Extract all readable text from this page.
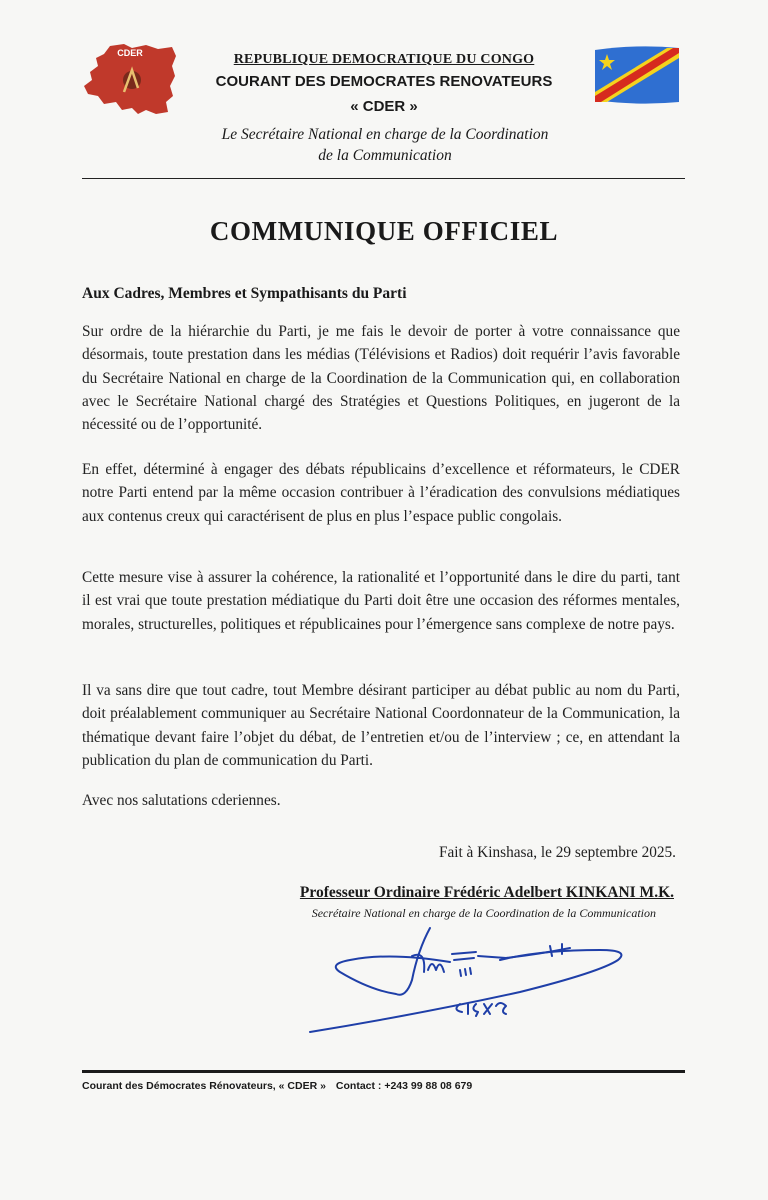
CDER	REPUBLIQUE DEMOCRATIQUE DU CONGO
COURANT DES DEMOCRATES RENOVATEURS
« CDER »
Le Secrétaire National en charge de la Coordination
de la Communication
COMMUNIQUE OFFICIEL
Aux Cadres, Membres et Sympathisants du Parti
Sur ordre de la hiérarchie du Parti, je me fais le devoir de porter à votre connaissance que désormais, toute prestation dans les médias (Télévisions et Radios) doit requérir l’avis favorable du Secrétaire National en charge de la Coordination de la Communication qui, en collaboration avec le Secrétaire National chargé des Stratégies et Questions Politiques, en jugeront de la nécessité ou de l’opportunité.
En effet, déterminé à engager des débats républicains d’excellence et réformateurs, le CDER notre Parti entend par la même occasion contribuer à l’éradication des convulsions médiatiques aux contenus creux qui caractérisent de plus en plus l’espace public congolais.
Cette mesure vise à assurer la cohérence, la rationalité et l’opportunité dans le dire du parti, tant il est vrai que toute prestation médiatique du Parti doit être une occasion des réformes mentales, morales, structurelles, politiques et républicaines pour l’émergence sans complexe de notre pays.
Il va sans dire que tout cadre, tout Membre désirant participer au débat public au nom du Parti, doit préalablement communiquer au Secrétaire National Coordonnateur de la Communication, la thématique devant faire l’objet du débat, de l’entretien et/ou de l’interview ; ce, en attendant la publication du plan de communication du Parti.
Avec nos salutations cderiennes.
Fait à Kinshasa, le 29 septembre 2025.
Professeur Ordinaire Frédéric Adelbert KINKANI M.K.
Secrétaire National en charge de la Coordination de la Communication
Courant des Démocrates Rénovateurs, « CDER » Contact : +243 99 88 08 679
